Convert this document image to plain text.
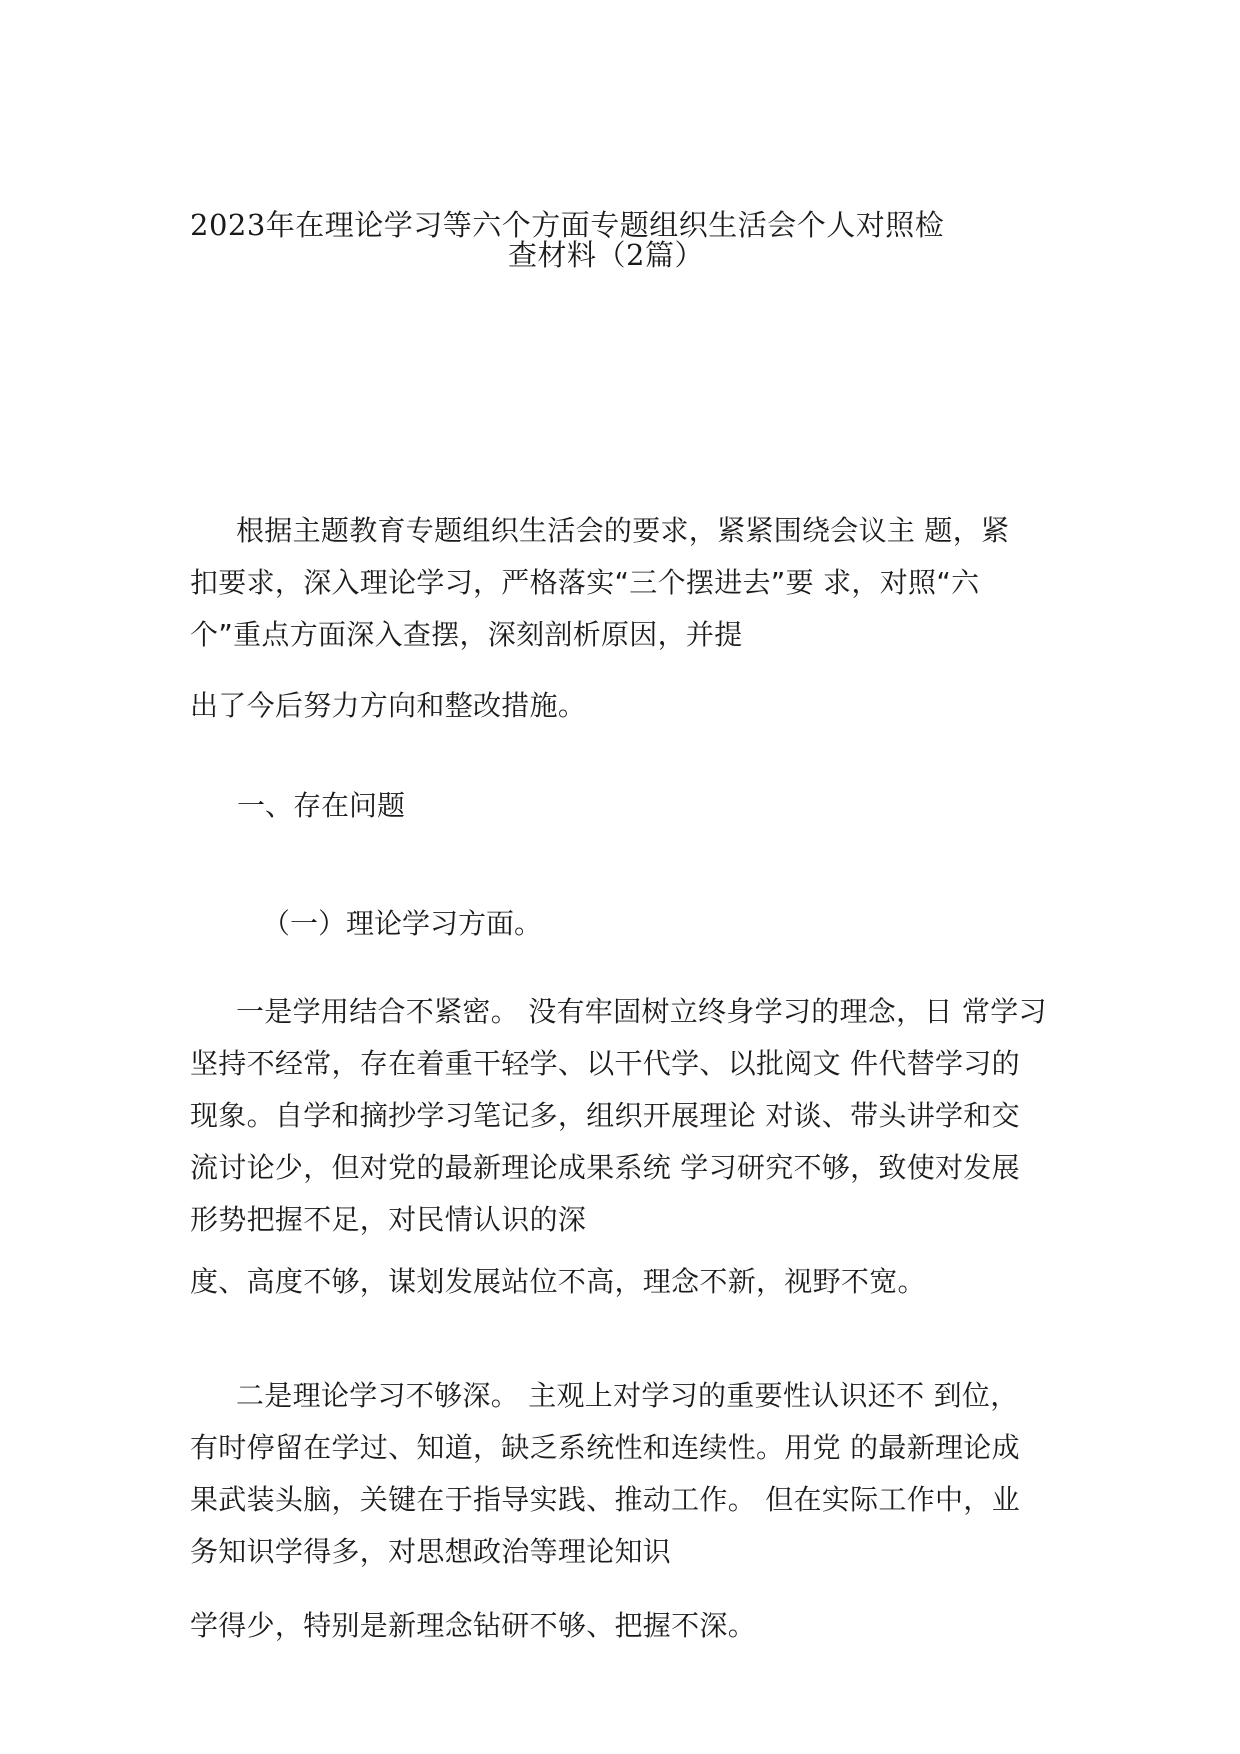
2023年在理论学习等六个方面专题组织生活会个人对照检
查材料（2篇）

根据主题教育专题组织生活会的要求，紧紧围绕会议主 题，紧
扣要求，深入理论学习，严格落实“三个摆进去”要 求，对照“六
个”重点方面深入查摆，深刻剖析原因，并提

出了今后努力方向和整改措施。

一、存在问题
（一）理论学习方面。

一是学用结合不紧密。 没有牢固树立终身学习的理念，日 常学习
坚持不经常，存在着重干轻学、以干代学、以批阅文 件代替学习的
现象。自学和摘抄学习笔记多，组织开展理论 对谈、带头讲学和交
流讨论少，但对党的最新理论成果系统 学习研究不够，致使对发展
形势把握不足，对民情认识的深

度、高度不够，谋划发展站位不高，理念不新，视野不宽。

二是理论学习不够深。 主观上对学习的重要性认识还不 到位，
有时停留在学过、知道，缺乏系统性和连续性。用党 的最新理论成
果武装头脑，关键在于指导实践、推动工作。 但在实际工作中，业
务知识学得多，对思想政治等理论知识

学得少，特别是新理念钻研不够、把握不深。
